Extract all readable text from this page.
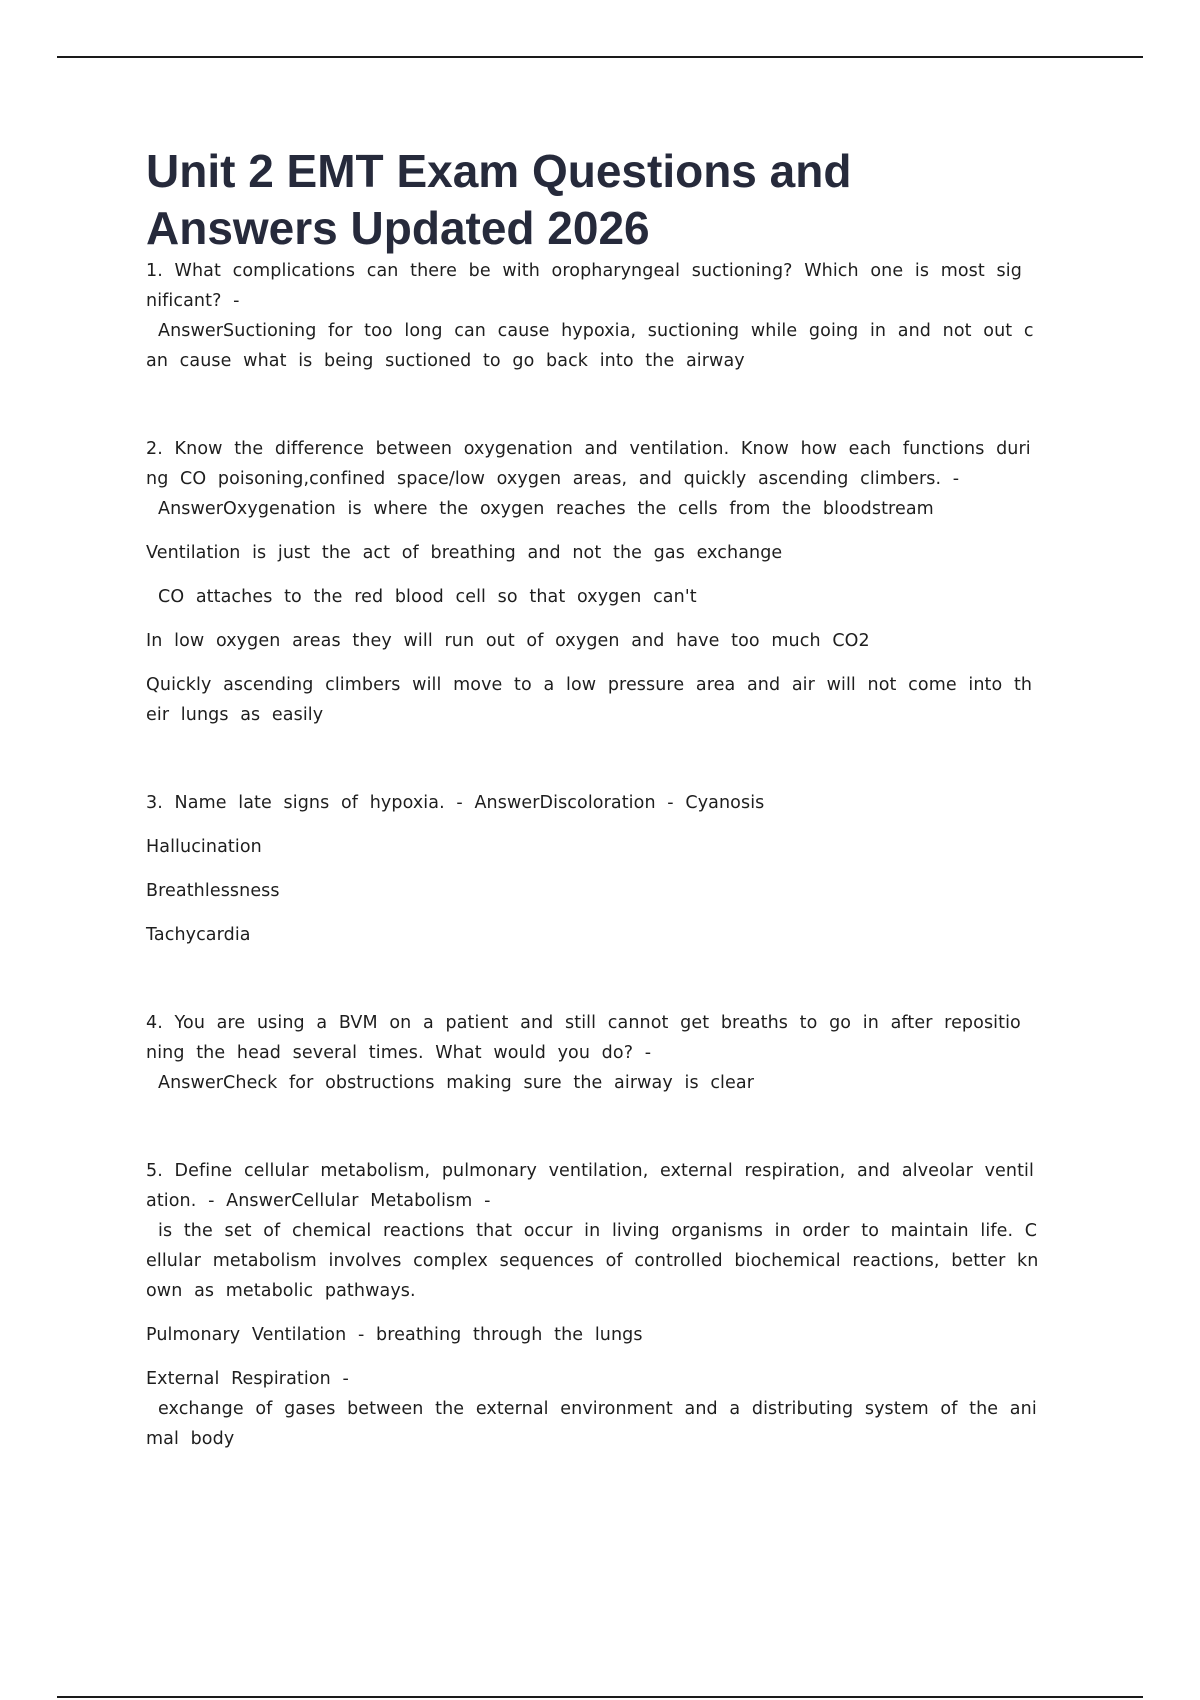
Unit 2 EMT Exam Questions and
Answers Updated 2026
1. What complications can there be with oropharyngeal suctioning? Which one is most sig
nificant? -
AnswerSuctioning for too long can cause hypoxia, suctioning while going in and not out c
an cause what is being suctioned to go back into the airway
2. Know the difference between oxygenation and ventilation. Know how each functions duri
ng CO poisoning,confined space/low oxygen areas, and quickly ascending climbers. -
AnswerOxygenation is where the oxygen reaches the cells from the bloodstream
Ventilation is just the act of breathing and not the gas exchange
CO attaches to the red blood cell so that oxygen can't
In low oxygen areas they will run out of oxygen and have too much CO2
Quickly ascending climbers will move to a low pressure area and air will not come into th
eir lungs as easily
3. Name late signs of hypoxia. - AnswerDiscoloration - Cyanosis
Hallucination
Breathlessness
Tachycardia
4. You are using a BVM on a patient and still cannot get breaths to go in after repositio
ning the head several times. What would you do? -
AnswerCheck for obstructions making sure the airway is clear
5. Define cellular metabolism, pulmonary ventilation, external respiration, and alveolar ventil
ation. - AnswerCellular Metabolism -
is the set of chemical reactions that occur in living organisms in order to maintain life. C
ellular metabolism involves complex sequences of controlled biochemical reactions, better kn
own as metabolic pathways.
Pulmonary Ventilation - breathing through the lungs
External Respiration -
exchange of gases between the external environment and a distributing system of the ani
mal body
